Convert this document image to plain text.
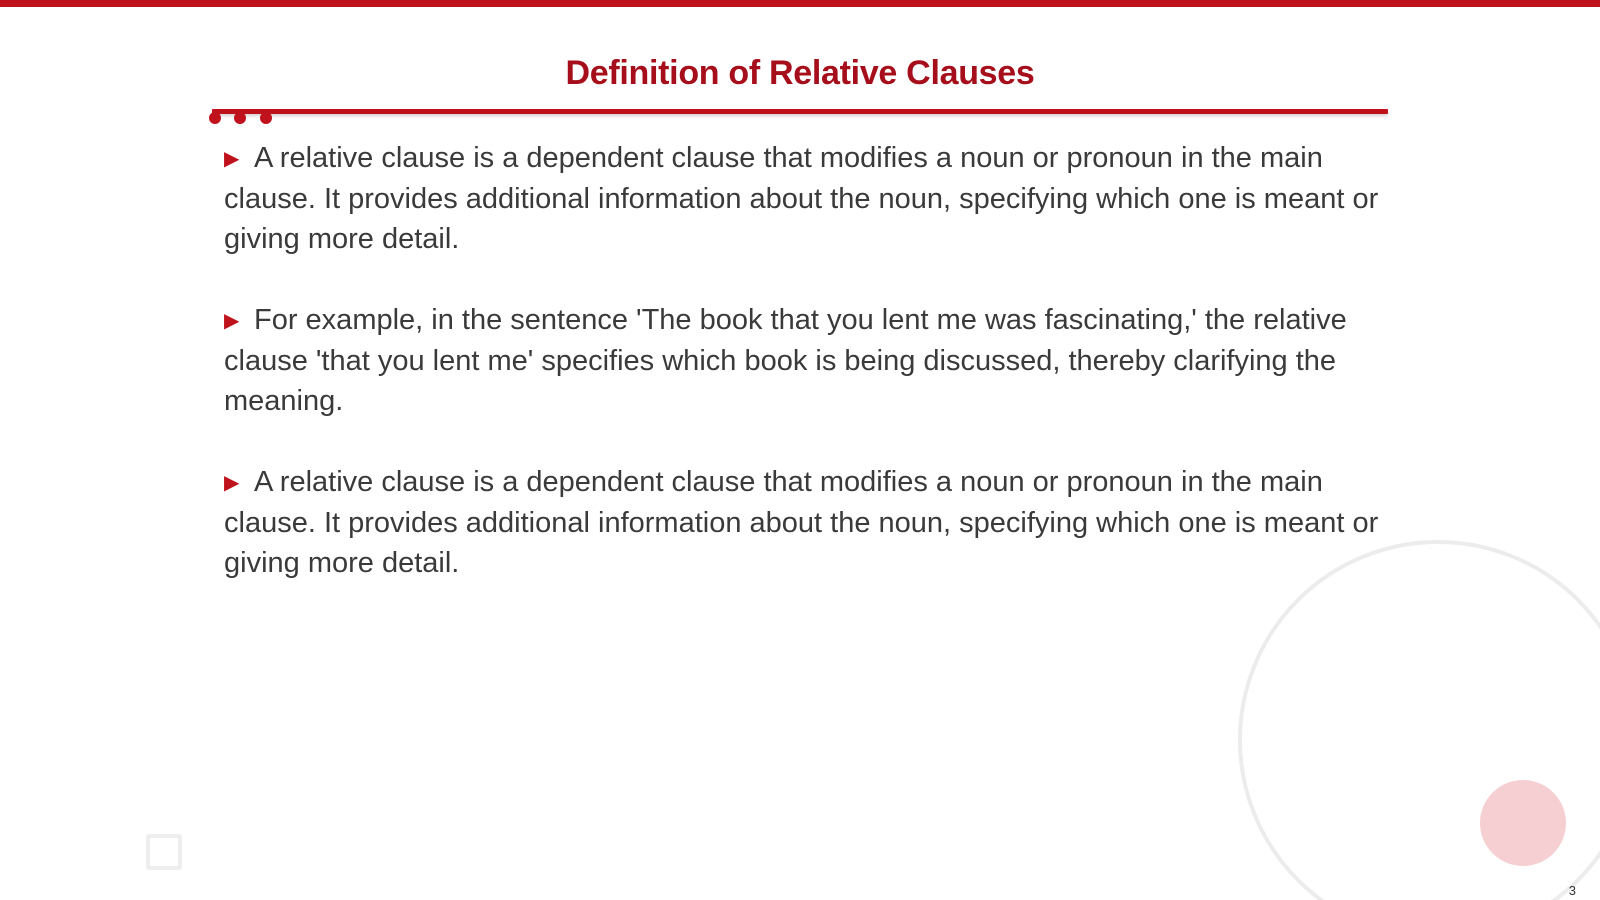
Definition of Relative Clauses

▶ A relative clause is a dependent clause that modifies a noun or pronoun in the main clause. It provides additional information about the noun, specifying which one is meant or giving more detail.

▶ For example, in the sentence 'The book that you lent me was fascinating,' the relative clause 'that you lent me' specifies which book is being discussed, thereby clarifying the meaning.

▶ A relative clause is a dependent clause that modifies a noun or pronoun in the main clause. It provides additional information about the noun, specifying which one is meant or giving more detail.

3
